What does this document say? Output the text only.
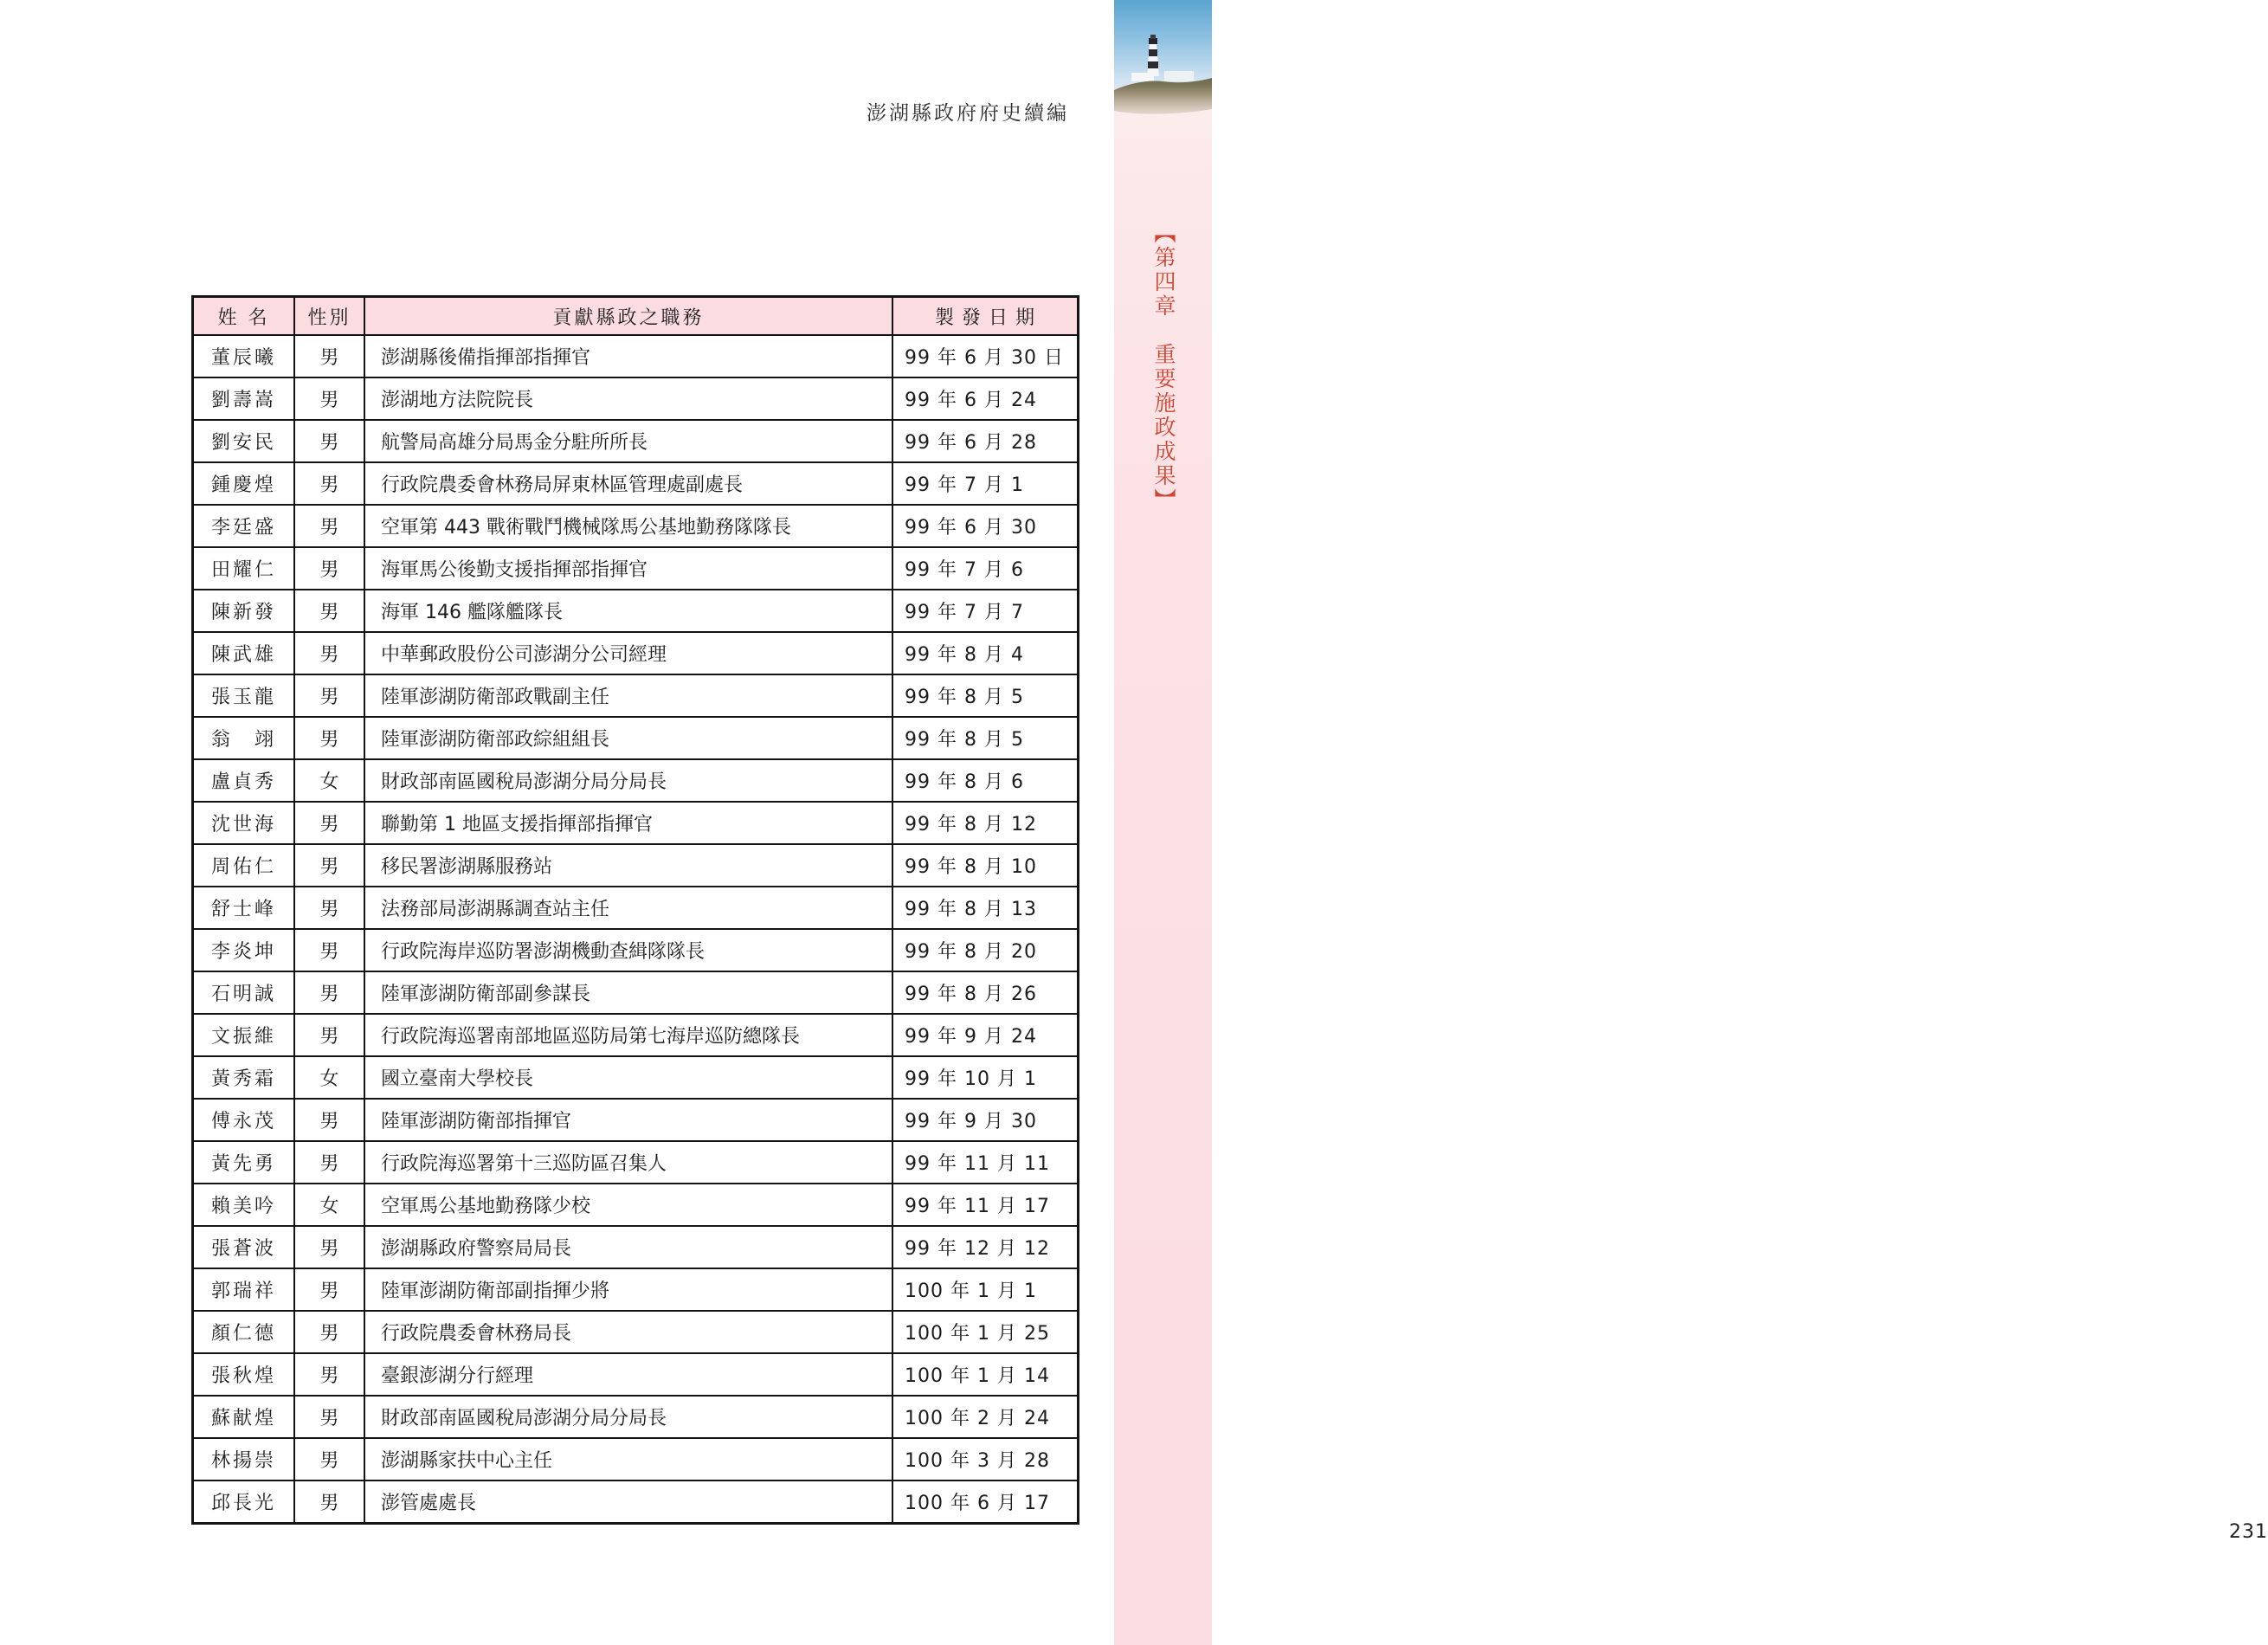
【第四章　重要施政成果】
231
澎湖縣政府府史續編
姓 名	性別	貢獻縣政之職務	製 發 日 期
董辰曦	男	澎湖縣後備指揮部指揮官	99 年 6 月 30 日
劉壽嵩	男	澎湖地方法院院長	99 年 6 月 24
劉安民	男	航警局高雄分局馬金分駐所所長	99 年 6 月 28
鍾慶煌	男	行政院農委會林務局屏東林區管理處副處長	99 年 7 月 1
李廷盛	男	空軍第 443 戰術戰鬥機械隊馬公基地勤務隊隊長	99 年 6 月 30
田耀仁	男	海軍馬公後勤支援指揮部指揮官	99 年 7 月 6
陳新發	男	海軍 146 艦隊艦隊長	99 年 7 月 7
陳武雄	男	中華郵政股份公司澎湖分公司經理	99 年 8 月 4
張玉龍	男	陸軍澎湖防衛部政戰副主任	99 年 8 月 5
翁　翊	男	陸軍澎湖防衛部政綜組組長	99 年 8 月 5
盧貞秀	女	財政部南區國稅局澎湖分局分局長	99 年 8 月 6
沈世海	男	聯勤第 1 地區支援指揮部指揮官	99 年 8 月 12
周佑仁	男	移民署澎湖縣服務站	99 年 8 月 10
舒士峰	男	法務部局澎湖縣調查站主任	99 年 8 月 13
李炎坤	男	行政院海岸巡防署澎湖機動查緝隊隊長	99 年 8 月 20
石明誠	男	陸軍澎湖防衛部副參謀長	99 年 8 月 26
文振維	男	行政院海巡署南部地區巡防局第七海岸巡防總隊長	99 年 9 月 24
黃秀霜	女	國立臺南大學校長	99 年 10 月 1
傅永茂	男	陸軍澎湖防衛部指揮官	99 年 9 月 30
黃先勇	男	行政院海巡署第十三巡防區召集人	99 年 11 月 11
賴美吟	女	空軍馬公基地勤務隊少校	99 年 11 月 17
張蒼波	男	澎湖縣政府警察局局長	99 年 12 月 12
郭瑞祥	男	陸軍澎湖防衛部副指揮少將	100 年 1 月 1
顏仁德	男	行政院農委會林務局長	100 年 1 月 25
張秋煌	男	臺銀澎湖分行經理	100 年 1 月 14
蘇献煌	男	財政部南區國稅局澎湖分局分局長	100 年 2 月 24
林揚崇	男	澎湖縣家扶中心主任	100 年 3 月 28
邱長光	男	澎管處處長	100 年 6 月 17
